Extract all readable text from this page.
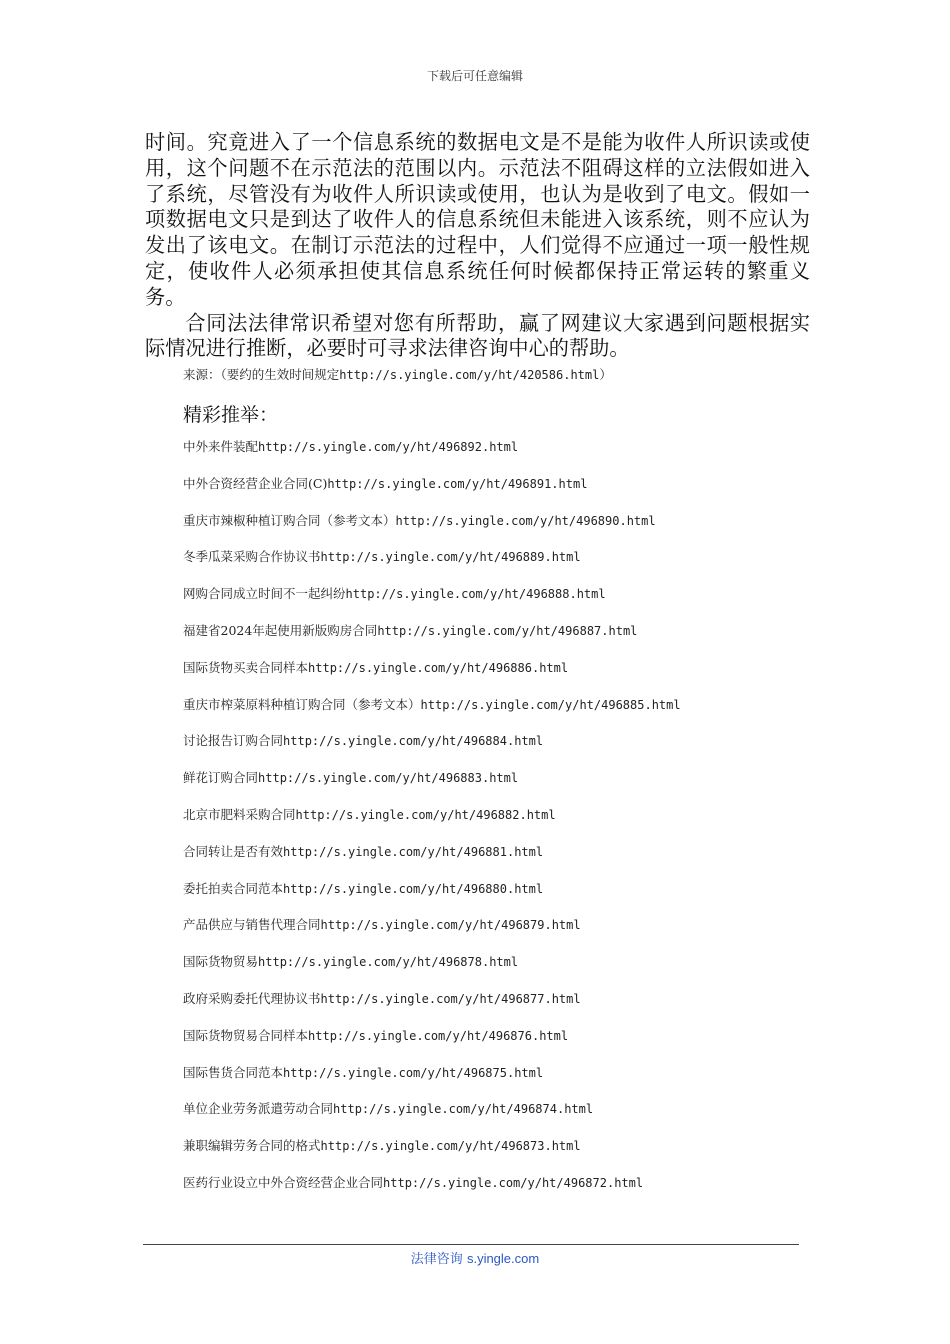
下载后可任意编辑

时间。究竟进入了一个信息系统的数据电文是不是能为收件人所识读或使用，这个问题不在示范法的范围以内。示范法不阻碍这样的立法假如进入了系统，尽管没有为收件人所识读或使用，也认为是收到了电文。假如一项数据电文只是到达了收件人的信息系统但未能进入该系统，则不应认为发出了该电文。在制订示范法的过程中，人们觉得不应通过一项一般性规定，使收件人必须承担使其信息系统任何时候都保持正常运转的繁重义务。

合同法法律常识希望对您有所帮助，赢了网建议大家遇到问题根据实际情况进行推断，必要时可寻求法律咨询中心的帮助。

来源：（要约的生效时间规定http://s.yingle.com/y/ht/420586.html）
精彩推举：
中外来件装配http://s.yingle.com/y/ht/496892.html
中外合资经营企业合同(C)http://s.yingle.com/y/ht/496891.html
重庆市辣椒种植订购合同（参考文本）http://s.yingle.com/y/ht/496890.html
冬季瓜菜采购合作协议书http://s.yingle.com/y/ht/496889.html
网购合同成立时间不一起纠纷http://s.yingle.com/y/ht/496888.html
福建省2024年起使用新版购房合同http://s.yingle.com/y/ht/496887.html
国际货物买卖合同样本http://s.yingle.com/y/ht/496886.html
重庆市榨菜原料种植订购合同（参考文本）http://s.yingle.com/y/ht/496885.html
讨论报告订购合同http://s.yingle.com/y/ht/496884.html
鲜花订购合同http://s.yingle.com/y/ht/496883.html
北京市肥料采购合同http://s.yingle.com/y/ht/496882.html
合同转让是否有效http://s.yingle.com/y/ht/496881.html
委托拍卖合同范本http://s.yingle.com/y/ht/496880.html
产品供应与销售代理合同http://s.yingle.com/y/ht/496879.html
国际货物贸易http://s.yingle.com/y/ht/496878.html
政府采购委托代理协议书http://s.yingle.com/y/ht/496877.html
国际货物贸易合同样本http://s.yingle.com/y/ht/496876.html
国际售货合同范本http://s.yingle.com/y/ht/496875.html
单位企业劳务派遣劳动合同http://s.yingle.com/y/ht/496874.html
兼职编辑劳务合同的格式http://s.yingle.com/y/ht/496873.html
医药行业设立中外合资经营企业合同http://s.yingle.com/y/ht/496872.html
法律咨询 s.yingle.com
